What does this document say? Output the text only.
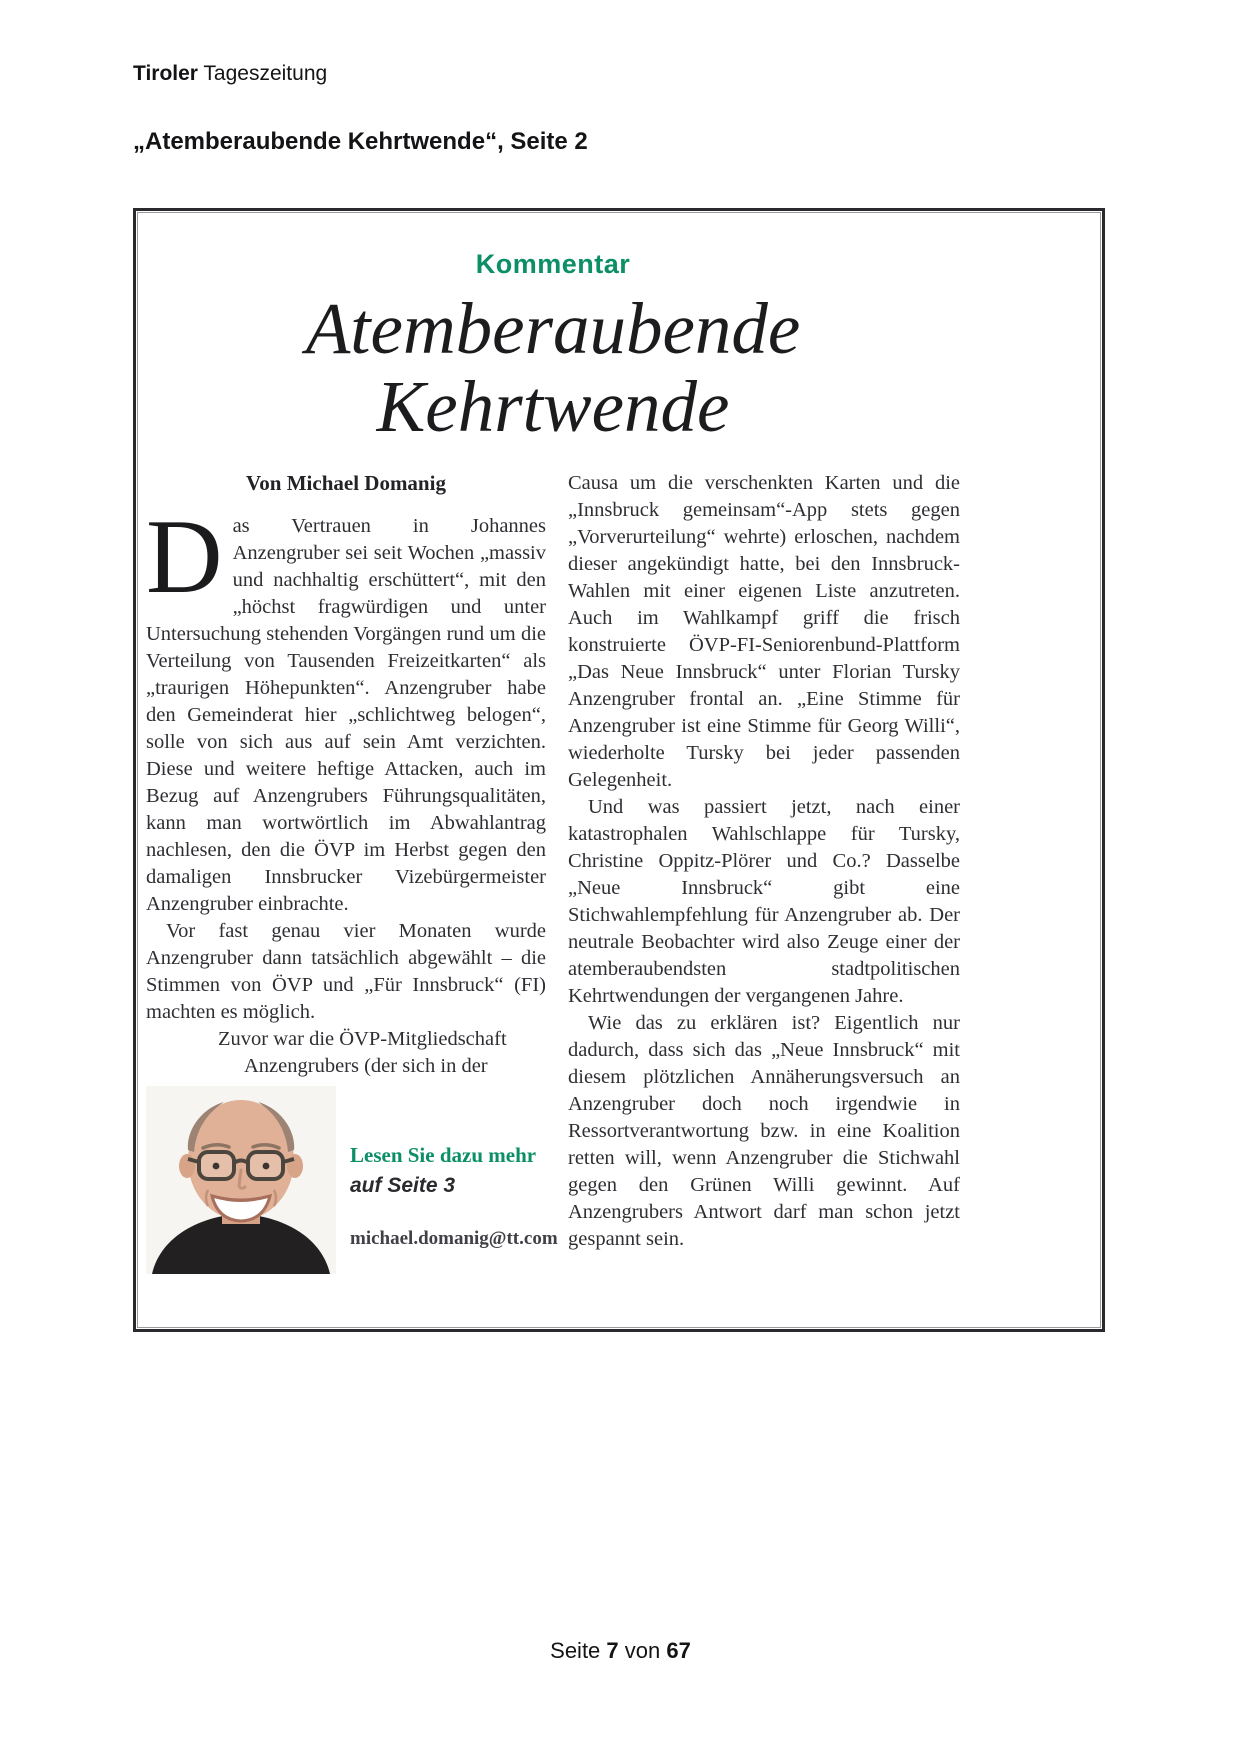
Tiroler Tageszeitung
„Atemberaubende Kehrtwende“, Seite 2
Kommentar
Atemberaubende
Kehrtwende
Von Michael Domanig

Das Vertrauen in Johannes Anzengruber sei seit Wochen „massiv und nachhaltig erschüttert“, mit den „höchst fragwürdigen und unter Untersuchung stehenden Vorgängen rund um die Verteilung von Tausenden Freizeitkarten“ als „traurigen Höhepunkten“. Anzengruber habe den Gemeinderat hier „schlichtweg belogen“, solle von sich aus auf sein Amt verzichten. Diese und weitere heftige Attacken, auch im Bezug auf Anzengrubers Führungsqualitäten, kann man wortwörtlich im Abwahlantrag nachlesen, den die ÖVP im Herbst gegen den damaligen Innsbrucker Vizebürgermeister Anzengruber einbrachte.

Vor fast genau vier Monaten wurde Anzengruber dann tatsächlich abgewählt – die Stimmen von ÖVP und „Für Innsbruck“ (FI) machten es möglich.

Zuvor war die ÖVP-Mitgliedschaft

Anzengrubers (der sich in der

Lesen Sie dazu mehr
auf Seite 3
michael.domanig@tt.com

Causa um die verschenkten Karten und die „Innsbruck gemeinsam“-App stets gegen „Vorverurteilung“ wehrte) erloschen, nachdem dieser angekündigt hatte, bei den Innsbruck-Wahlen mit einer eigenen Liste anzutreten. Auch im Wahlkampf griff die frisch konstruierte ÖVP-FI-Seniorenbund-Plattform „Das Neue Innsbruck“ unter Florian Tursky Anzengruber frontal an. „Eine Stimme für Anzengruber ist eine Stimme für Georg Willi“, wiederholte Tursky bei jeder passenden Gelegenheit.

Und was passiert jetzt, nach einer katastrophalen Wahlschlappe für Tursky, Christine Oppitz-Plörer und Co.? Dasselbe „Neue Innsbruck“ gibt eine Stichwahlempfehlung für Anzengruber ab. Der neutrale Beobachter wird also Zeuge einer der atemberaubendsten stadtpolitischen Kehrtwendungen der vergangenen Jahre.

Wie das zu erklären ist? Eigentlich nur dadurch, dass sich das „Neue Innsbruck“ mit diesem plötzlichen Annäherungsversuch an Anzengruber doch noch irgendwie in Ressortverantwortung bzw. in eine Koalition retten will, wenn Anzengruber die Stichwahl gegen den Grünen Willi gewinnt. Auf Anzengrubers Antwort darf man schon jetzt gespannt sein.

Seite 7 von 67
